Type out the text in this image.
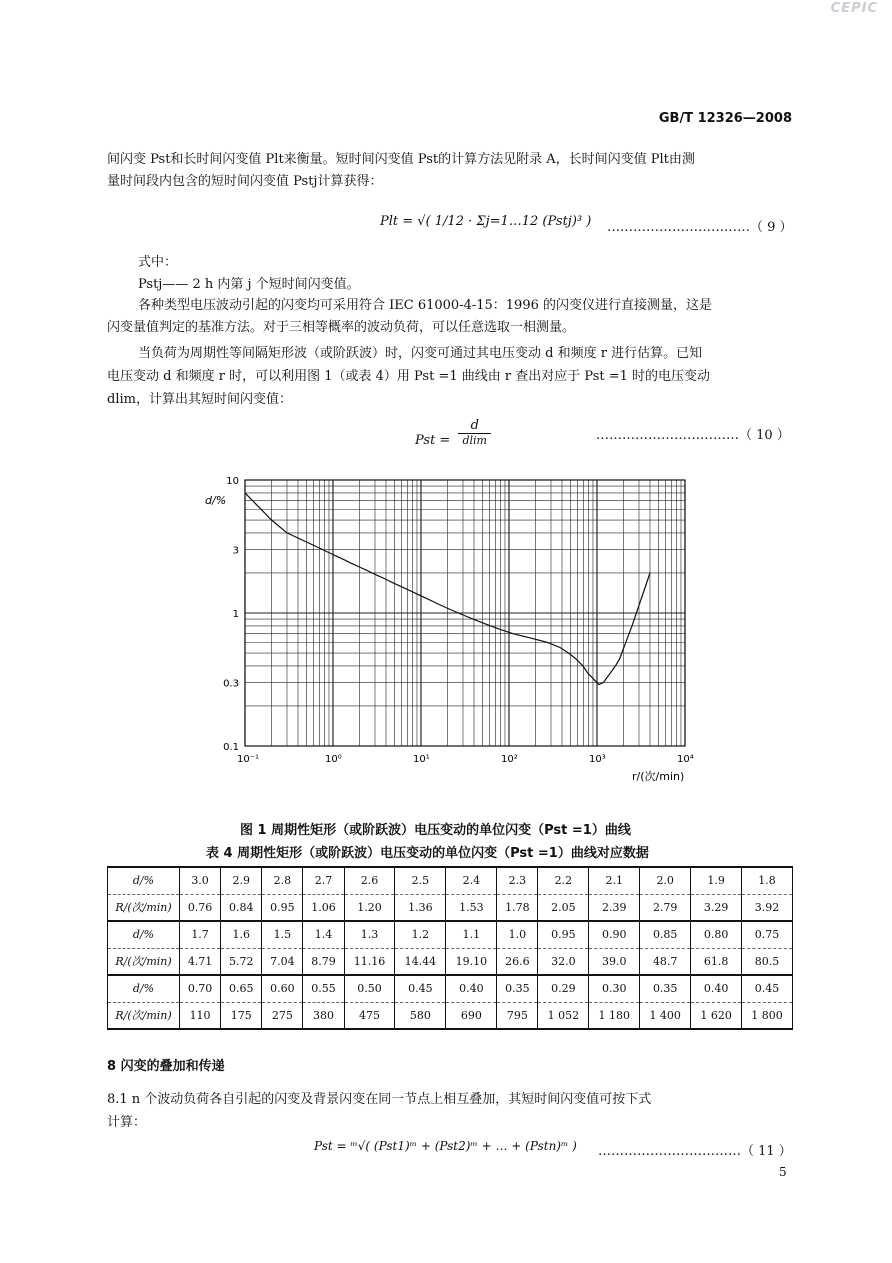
CEPIC
GB/T 12326—2008
间闪变 Pst和长时间闪变值 Plt来衡量。短时间闪变值 Pst的计算方法见附录 A，长时间闪变值 Plt由测
量时间段内包含的短时间闪变值 Pstj计算获得：
Plt = √( 1/12 · Σj=1…12 (Pstj)³ ) ……………………………（ 9 ）
式中：
Pstj—— 2 h 内第 j 个短时间闪变值。
各种类型电压波动引起的闪变均可采用符合 IEC 61000-4-15：1996 的闪变仪进行直接测量，这是
闪变量值判定的基准方法。对于三相等概率的波动负荷，可以任意选取一相测量。
当负荷为周期性等间隔矩形波（或阶跃波）时，闪变可通过其电压变动 d 和频度 r 进行估算。已知
电压变动 d 和频度 r 时，可以利用图 1（或表 4）用 Pst =1 曲线由 r 查出对应于 Pst =1 时的电压变动
dlim，计算出其短时间闪变值：
Pst =
d
dlim	……………………………（ 10 ）
10⁻¹	10⁰	10¹	10²	10³	10⁴
10
3
1
0.3
0.1
d/%
r/(次/min)
图 1 周期性矩形（或阶跃波）电压变动的单位闪变（Pst =1）曲线
表 4 周期性矩形（或阶跃波）电压变动的单位闪变（Pst =1）曲线对应数据
d/%	3.0	2.9	2.8	2.7	2.6	2.5	2.4	2.3	2.2	2.1	2.0	1.9	1.8
R/(次/min)	0.76	0.84	0.95	1.06	1.20	1.36	1.53	1.78	2.05	2.39	2.79	3.29	3.92
d/%	1.7	1.6	1.5	1.4	1.3	1.2	1.1	1.0	0.95	0.90	0.85	0.80	0.75
R/(次/min)	4.71	5.72	7.04	8.79	11.16	14.44	19.10	26.6	32.0	39.0	48.7	61.8	80.5
d/%	0.70	0.65	0.60	0.55	0.50	0.45	0.40	0.35	0.29	0.30	0.35	0.40	0.45
R/(次/min)	110	175	275	380	475	580	690	795	1 052	1 180	1 400	1 620	1 800
8 闪变的叠加和传递
8.1 n 个波动负荷各自引起的闪变及背景闪变在同一节点上相互叠加，其短时间闪变值可按下式
计算：
Pst = ᵐ√( (Pst1)ᵐ + (Pst2)ᵐ + … + (Pstn)ᵐ ) ……………………………（ 11 ）
5
